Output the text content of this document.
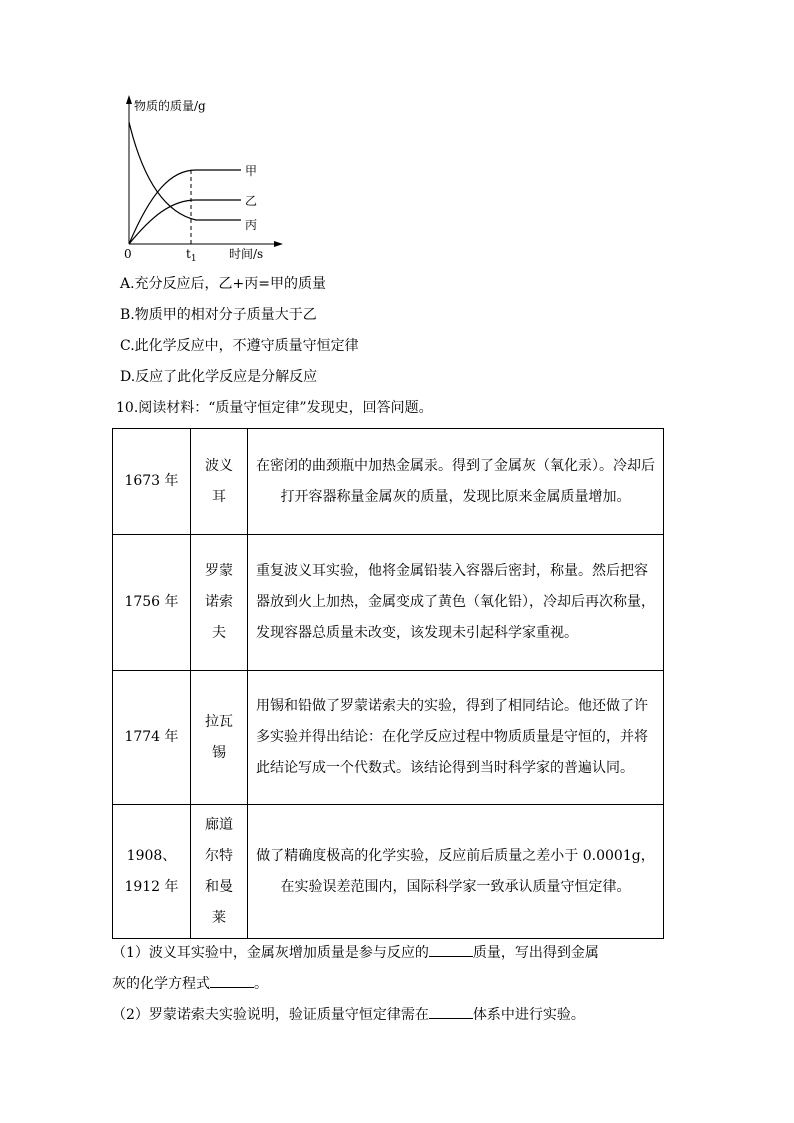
物质的质量/g
0	$t_1$	时间/s
甲
乙
丙
A.充分反应后，乙+丙=甲的质量
B.物质甲的相对分子质量大于乙
C.此化学反应中，不遵守质量守恒定律
D.反应了此化学反应是分解反应
10.阅读材料：“质量守恒定律”发现史，回答问题。
1673 年	波义耳	在密闭的曲颈瓶中加热金属汞。得到了金属灰（氧化汞）。冷却后打开容器称量金属灰的质量，发现比原来金属质量增加。
1756 年	罗蒙诺索夫	重复波义耳实验，他将金属铅装入容器后密封，称量。然后把容器放到火上加热，金属变成了黄色（氧化铅），冷却后再次称量，发现容器总质量未改变，该发现未引起科学家重视。
1774 年	拉瓦锡	用锡和铅做了罗蒙诺索夫的实验，得到了相同结论。他还做了许多实验并得出结论：在化学反应过程中物质质量是守恒的，并将此结论写成一个代数式。该结论得到当时科学家的普遍认同。
1908、1912 年	廊道尔特和曼莱	做了精确度极高的化学实验，反应前后质量之差小于 0.0001g，在实验误差范围内，国际科学家一致承认质量守恒定律。
（1）波义耳实验中，金属灰增加质量是参与反应的	质量，写出得到金属
灰的化学方程式	。
（2）罗蒙诺索夫实验说明，验证质量守恒定律需在	体系中进行实验。
